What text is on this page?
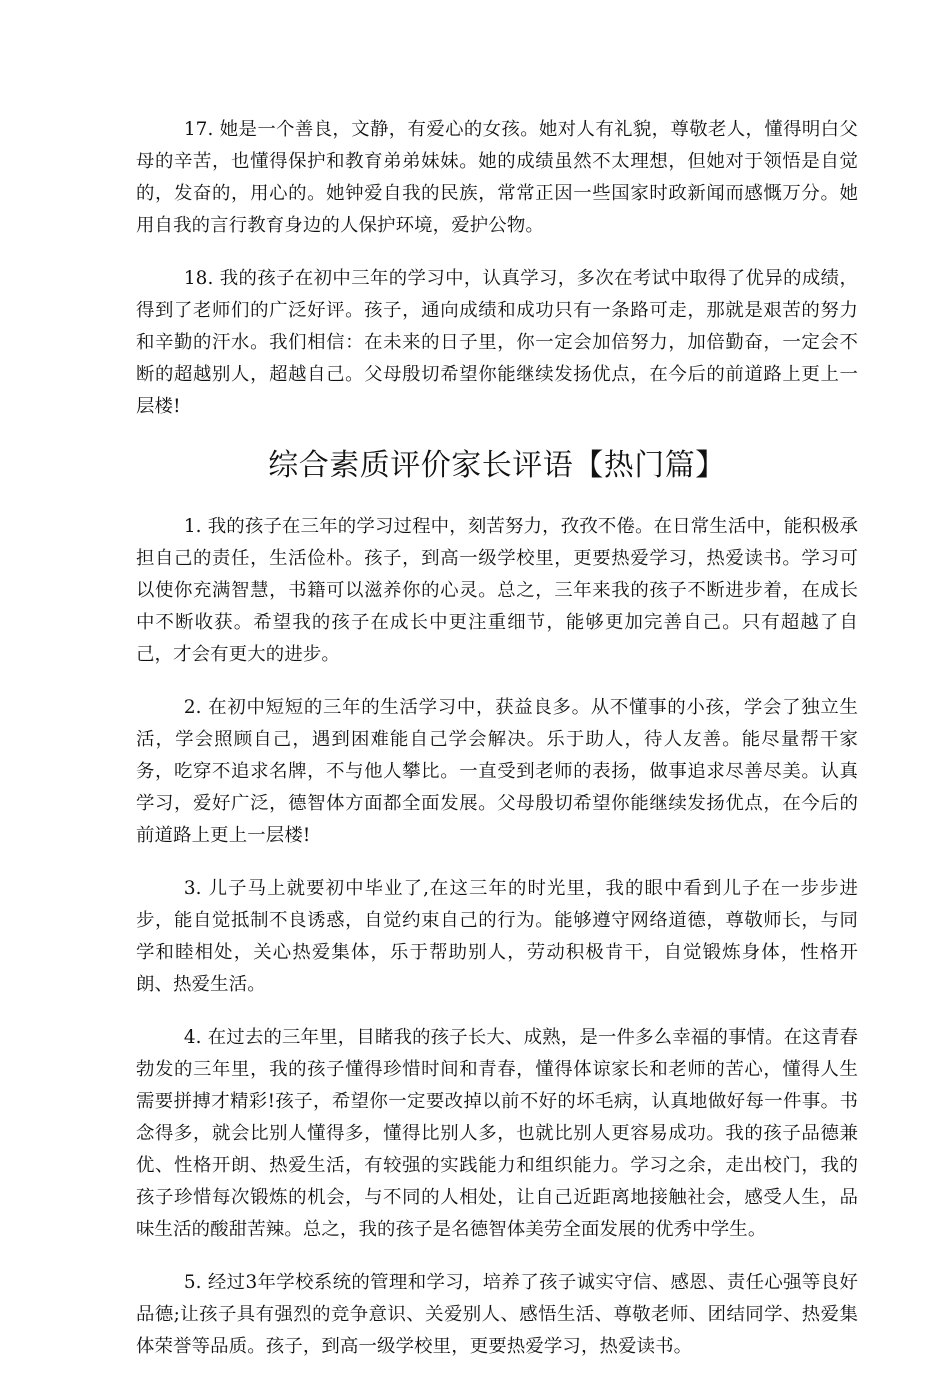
17. 她是一个善良，文静，有爱心的女孩。她对人有礼貌，尊敬老人，懂得明白父母的辛苦，也懂得保护和教育弟弟妹妹。她的成绩虽然不太理想，但她对于领悟是自觉的，发奋的，用心的。她钟爱自我的民族，常常正因一些国家时政新闻而感慨万分。她用自我的言行教育身边的人保护环境，爱护公物。

18. 我的孩子在初中三年的学习中，认真学习，多次在考试中取得了优异的成绩，得到了老师们的广泛好评。孩子，通向成绩和成功只有一条路可走，那就是艰苦的努力和辛勤的汗水。我们相信：在未来的日子里，你一定会加倍努力，加倍勤奋，一定会不断的超越别人，超越自己。父母殷切希望你能继续发扬优点，在今后的前道路上更上一层楼!

综合素质评价家长评语【热门篇】

1. 我的孩子在三年的学习过程中，刻苦努力，孜孜不倦。在日常生活中，能积极承担自己的责任，生活俭朴。孩子，到高一级学校里，更要热爱学习，热爱读书。学习可以使你充满智慧，书籍可以滋养你的心灵。总之，三年来我的孩子不断进步着，在成长中不断收获。希望我的孩子在成长中更注重细节，能够更加完善自己。只有超越了自己，才会有更大的进步。

2. 在初中短短的三年的生活学习中，获益良多。从不懂事的小孩，学会了独立生活，学会照顾自己，遇到困难能自己学会解决。乐于助人，待人友善。能尽量帮干家务，吃穿不追求名牌，不与他人攀比。一直受到老师的表扬，做事追求尽善尽美。认真学习，爱好广泛，德智体方面都全面发展。父母殷切希望你能继续发扬优点，在今后的前道路上更上一层楼!

3. 儿子马上就要初中毕业了,在这三年的时光里，我的眼中看到儿子在一步步进步，能自觉抵制不良诱惑，自觉约束自己的行为。能够遵守网络道德，尊敬师长，与同学和睦相处，关心热爱集体，乐于帮助别人，劳动积极肯干，自觉锻炼身体，性格开朗、热爱生活。

4. 在过去的三年里，目睹我的孩子长大、成熟，是一件多么幸福的事情。在这青春勃发的三年里，我的孩子懂得珍惜时间和青春，懂得体谅家长和老师的苦心，懂得人生需要拼搏才精彩!孩子，希望你一定要改掉以前不好的坏毛病，认真地做好每一件事。书念得多，就会比别人懂得多，懂得比别人多，也就比别人更容易成功。我的孩子品德兼优、性格开朗、热爱生活，有较强的实践能力和组织能力。学习之余，走出校门，我的孩子珍惜每次锻炼的机会，与不同的人相处，让自己近距离地接触社会，感受人生，品味生活的酸甜苦辣。总之，我的孩子是名德智体美劳全面发展的优秀中学生。

5. 经过3年学校系统的管理和学习，培养了孩子诚实守信、感恩、责任心强等良好品德;让孩子具有强烈的竞争意识、关爱别人、感悟生活、尊敬老师、团结同学、热爱集体荣誉等品质。孩子，到高一级学校里，更要热爱学习，热爱读书。
